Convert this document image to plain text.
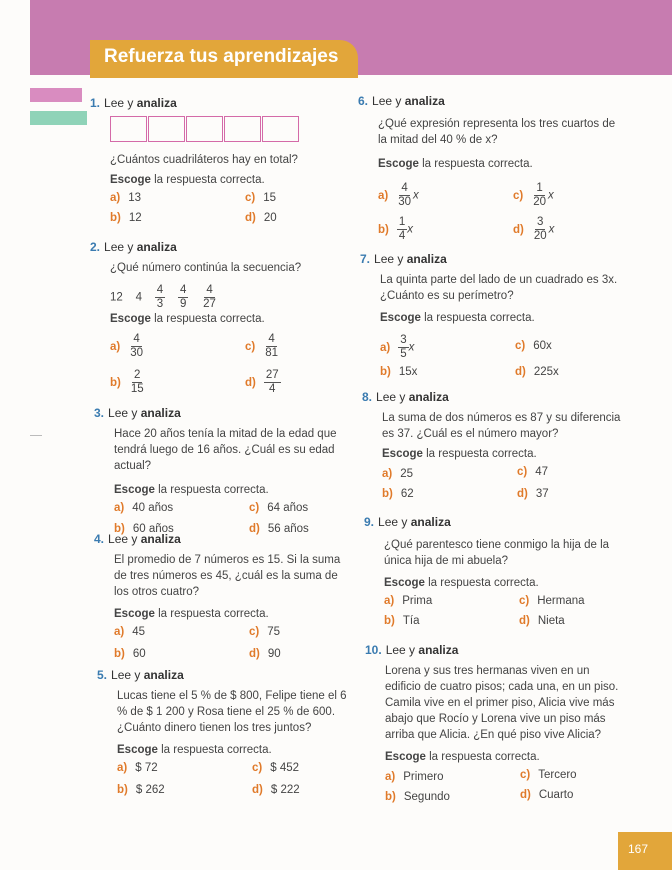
Refuerza tus aprendizajes
1. Lee y analiza
¿Cuántos cuadriláteros hay en total?
Escoge la respuesta correcta.
a) 13
b) 12
c) 15
d) 20
2. Lee y analiza
¿Qué número continúa la secuencia?
12 $4 \frac{4}{3}$
$\frac{4}{9}$
$\frac{4}{27}$
Escoge la respuesta correcta.
$a) \frac{4}{30}$
$b) \frac{2}{15}$
$c) \frac{4}{81}$
$d) \frac{27}{4}$
3. Lee y analiza
Hace 20 años tenía la mitad de la edad que tendrá luego de 16 años. ¿Cuál es su edad actual?
Escoge la respuesta correcta.
a) 40 años
b) 60 años
c) 64 años
d) 56 años
4. Lee y analiza
El promedio de 7 números es 15. Si la suma de tres números es 45, ¿cuál es la suma de los otros cuatro?
Escoge la respuesta correcta.
a) 45
b) 60
c) 75
d) 90
5. Lee y analiza
Lucas tiene el 5 % de $ 800, Felipe tiene el 6 % de $ 1 200 y Rosa tiene el 25 % de 600. ¿Cuánto dinero tienen los tres juntos?
Escoge la respuesta correcta.
a) $ 72
b) $ 262
c) $ 452
d) $ 222
6. Lee y analiza
¿Qué expresión representa los tres cuartos de la mitad del 40 % de x?
Escoge la respuesta correcta.
$a) \frac{4}{30}$ x
$b) \frac{1}{4}$ x
$c) \frac{1}{20}$ x
$d) \frac{3}{20}$ x
7. Lee y analiza
La quinta parte del lado de un cuadrado es 3x. ¿Cuánto es su perímetro?
Escoge la respuesta correcta.
$a) \frac{3}{5}$ x
b) 15x
c) 60x
d) 225x
8. Lee y analiza
La suma de dos números es 87 y su diferencia es 37. ¿Cuál es el número mayor?
Escoge la respuesta correcta.
a) 25
b) 62
c) 47
d) 37
9. Lee y analiza
¿Qué parentesco tiene conmigo la hija de la única hija de mi abuela?
Escoge la respuesta correcta.
a) Prima
b) Tía
c) Hermana
d) Nieta
10. Lee y analiza
Lorena y sus tres hermanas viven en un edificio de cuatro pisos; cada una, en un piso. Camila vive en el primer piso, Alicia vive más abajo que Rocío y Lorena vive un piso más arriba que Alicia. ¿En qué piso vive Alicia?
Escoge la respuesta correcta.
a) Primero
b) Segundo
c) Tercero
d) Cuarto
167
